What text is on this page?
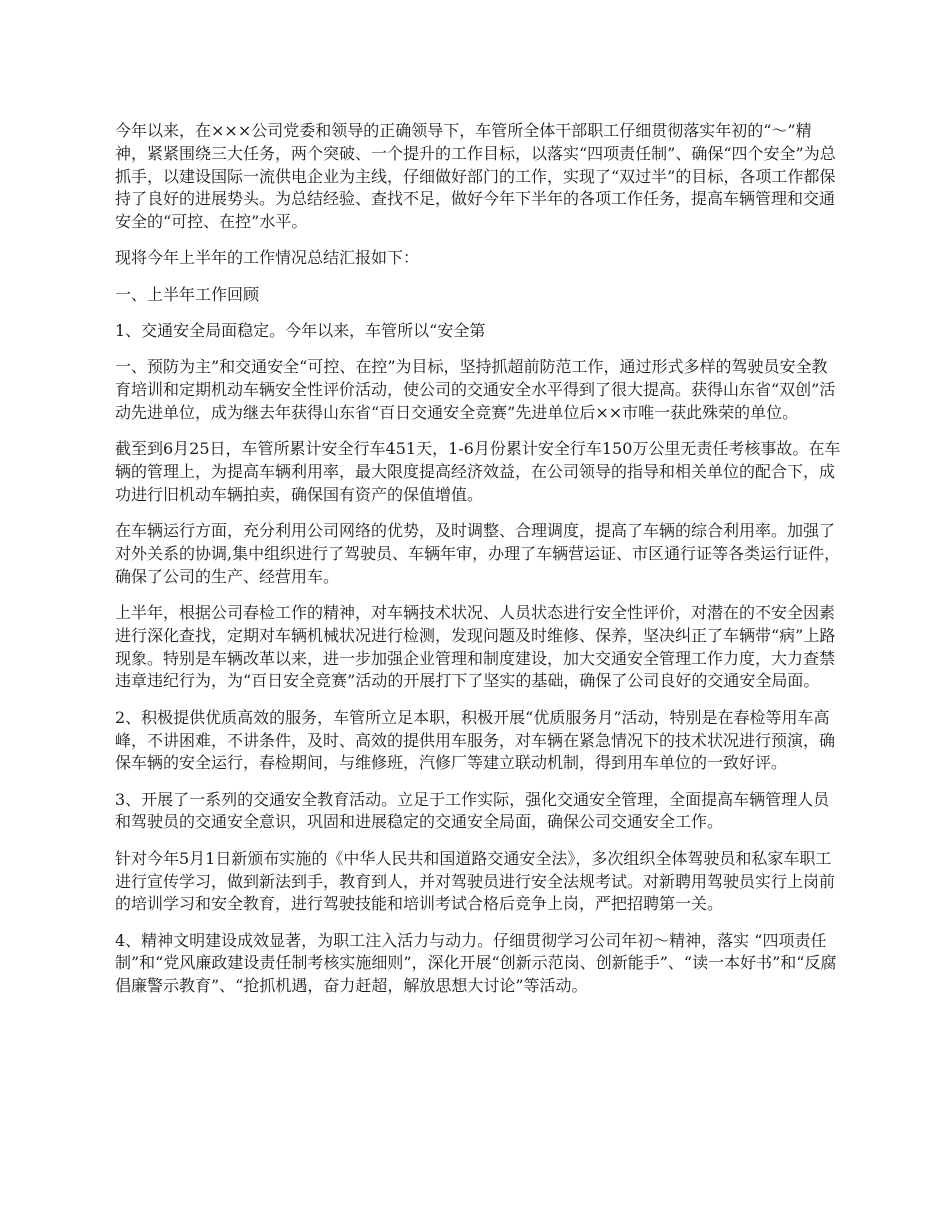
今年以来，在×××公司党委和领导的正确领导下，车管所全体干部职工仔细贯彻落实年初的“～”精神，紧紧围绕三大任务，两个突破、一个提升的工作目标，以落实“四项责任制”、确保“四个安全”为总抓手，以建设国际一流供电企业为主线，仔细做好部门的工作，实现了“双过半”的目标，各项工作都保持了良好的进展势头。为总结经验、查找不足，做好今年下半年的各项工作任务，提高车辆管理和交通安全的“可控、在控”水平。

现将今年上半年的工作情况总结汇报如下：

一、上半年工作回顾

1、交通安全局面稳定。今年以来，车管所以“安全第

一、预防为主”和交通安全“可控、在控”为目标，坚持抓超前防范工作，通过形式多样的驾驶员安全教育培训和定期机动车辆安全性评价活动，使公司的交通安全水平得到了很大提高。获得山东省“双创”活动先进单位，成为继去年获得山东省“百日交通安全竞赛”先进单位后××市唯一获此殊荣的单位。

截至到6月25日，车管所累计安全行车451天，1-6月份累计安全行车150万公里无责任考核事故。在车辆的管理上，为提高车辆利用率，最大限度提高经济效益，在公司领导的指导和相关单位的配合下，成功进行旧机动车辆拍卖，确保国有资产的保值增值。

在车辆运行方面，充分利用公司网络的优势，及时调整、合理调度，提高了车辆的综合利用率。加强了对外关系的协调,集中组织进行了驾驶员、车辆年审，办理了车辆营运证、市区通行证等各类运行证件，确保了公司的生产、经营用车。

上半年，根据公司春检工作的精神，对车辆技术状况、人员状态进行安全性评价，对潜在的不安全因素进行深化查找，定期对车辆机械状况进行检测，发现问题及时维修、保养，坚决纠正了车辆带“病”上路现象。特别是车辆改革以来，进一步加强企业管理和制度建设，加大交通安全管理工作力度，大力查禁违章违纪行为，为“百日安全竞赛”活动的开展打下了坚实的基础，确保了公司良好的交通安全局面。

2、积极提供优质高效的服务，车管所立足本职，积极开展“优质服务月”活动，特别是在春检等用车高峰，不讲困难，不讲条件，及时、高效的提供用车服务，对车辆在紧急情况下的技术状况进行预演，确保车辆的安全运行，春检期间，与维修班，汽修厂等建立联动机制，得到用车单位的一致好评。

3、开展了一系列的交通安全教育活动。立足于工作实际，强化交通安全管理，全面提高车辆管理人员和驾驶员的交通安全意识，巩固和进展稳定的交通安全局面，确保公司交通安全工作。

针对今年5月1日新颁布实施的《中华人民共和国道路交通安全法》，多次组织全体驾驶员和私家车职工进行宣传学习，做到新法到手，教育到人，并对驾驶员进行安全法规考试。对新聘用驾驶员实行上岗前的培训学习和安全教育，进行驾驶技能和培训考试合格后竞争上岗，严把招聘第一关。

4、精神文明建设成效显著，为职工注入活力与动力。仔细贯彻学习公司年初～精神，落实 “四项责任制”和“党风廉政建设责任制考核实施细则”，深化开展“创新示范岗、创新能手”、“读一本好书”和“反腐倡廉警示教育”、“抢抓机遇，奋力赶超，解放思想大讨论”等活动。
